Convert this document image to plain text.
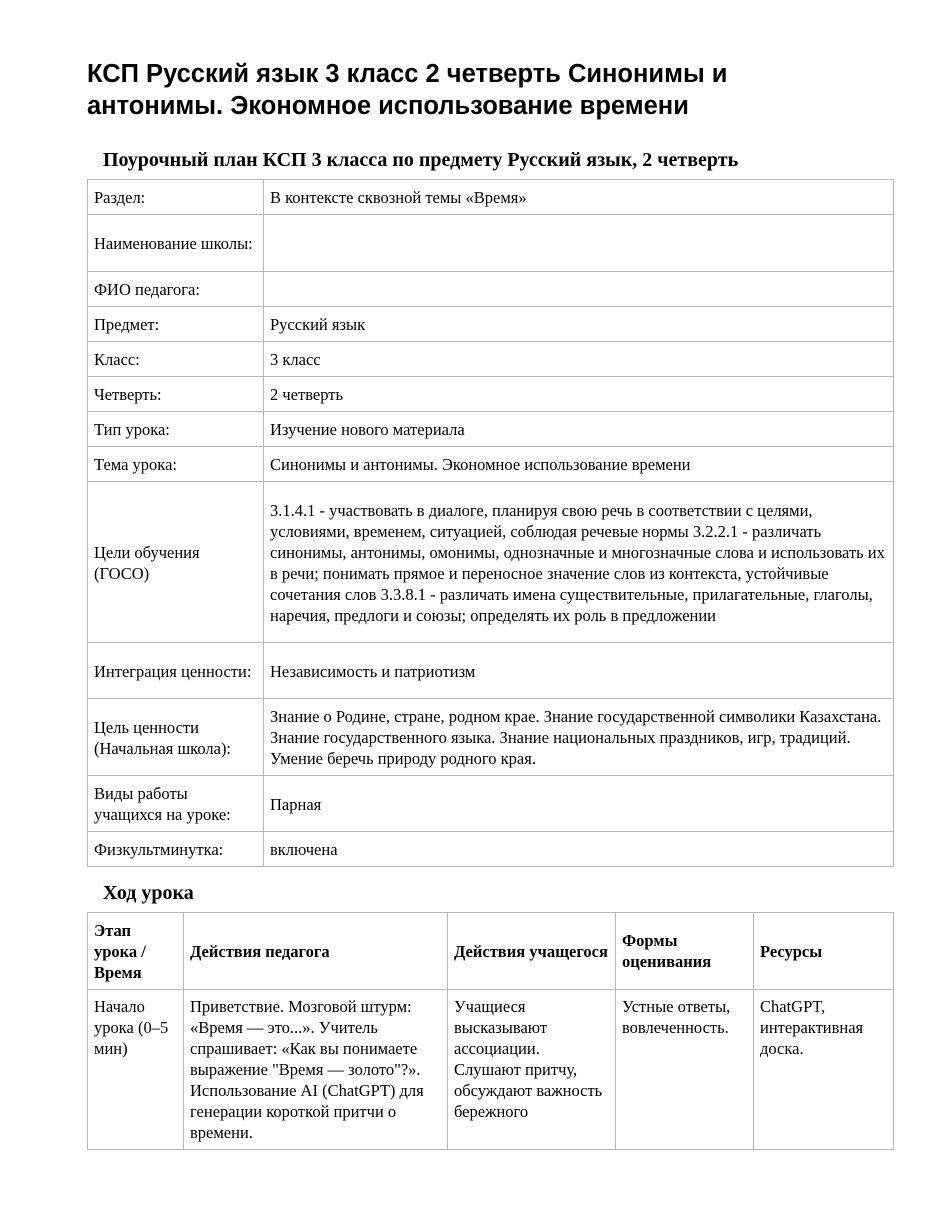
КСП Русский язык 3 класс 2 четверть Синонимы и антонимы. Экономное использование времени
Поурочный план КСП 3 класса по предмету Русский язык, 2 четверть
Раздел:	В контексте сквозной темы «Время»
Наименование школы:	
ФИО педагога:	
Предмет:	Русский язык
Класс:	3 класс
Четверть:	2 четверть
Тип урока:	Изучение нового материала
Тема урока:	Синонимы и антонимы. Экономное использование времени
Цели обучения (ГОСО)	3.1.4.1 - участвовать в диалоге, планируя свою речь в соответствии с целями, условиями, временем, ситуацией, соблюдая речевые нормы 3.2.2.1 - различать синонимы, антонимы, омонимы, однозначные и многозначные слова и использовать их в речи; понимать прямое и переносное значение слов из контекста, устойчивые сочетания слов 3.3.8.1 - различать имена существительные, прилагательные, глаголы, наречия, предлоги и союзы; определять их роль в предложении
Интеграция ценности:	Независимость и патриотизм
Цель ценности (Начальная школа):	Знание о Родине, стране, родном крае. Знание государственной символики Казахстана. Знание государственного языка. Знание национальных праздников, игр, традиций. Умение беречь природу родного края.
Виды работы учащихся на уроке:	Парная
Физкультминутка:	включена
Ход урока
Этап урока / Время	Действия педагога	Действия учащегося	Формы оценивания	Ресурсы
Начало урока (0–5 мин)	Приветствие. Мозговой штурм: «Время — это...». Учитель спрашивает: «Как вы понимаете выражение "Время — золото"?». Использование AI (ChatGPT) для генерации короткой притчи о времени.	Учащиеся высказывают ассоциации. Слушают притчу, обсуждают важность бережного	Устные ответы, вовлеченность.	ChatGPT, интерактивная доска.
